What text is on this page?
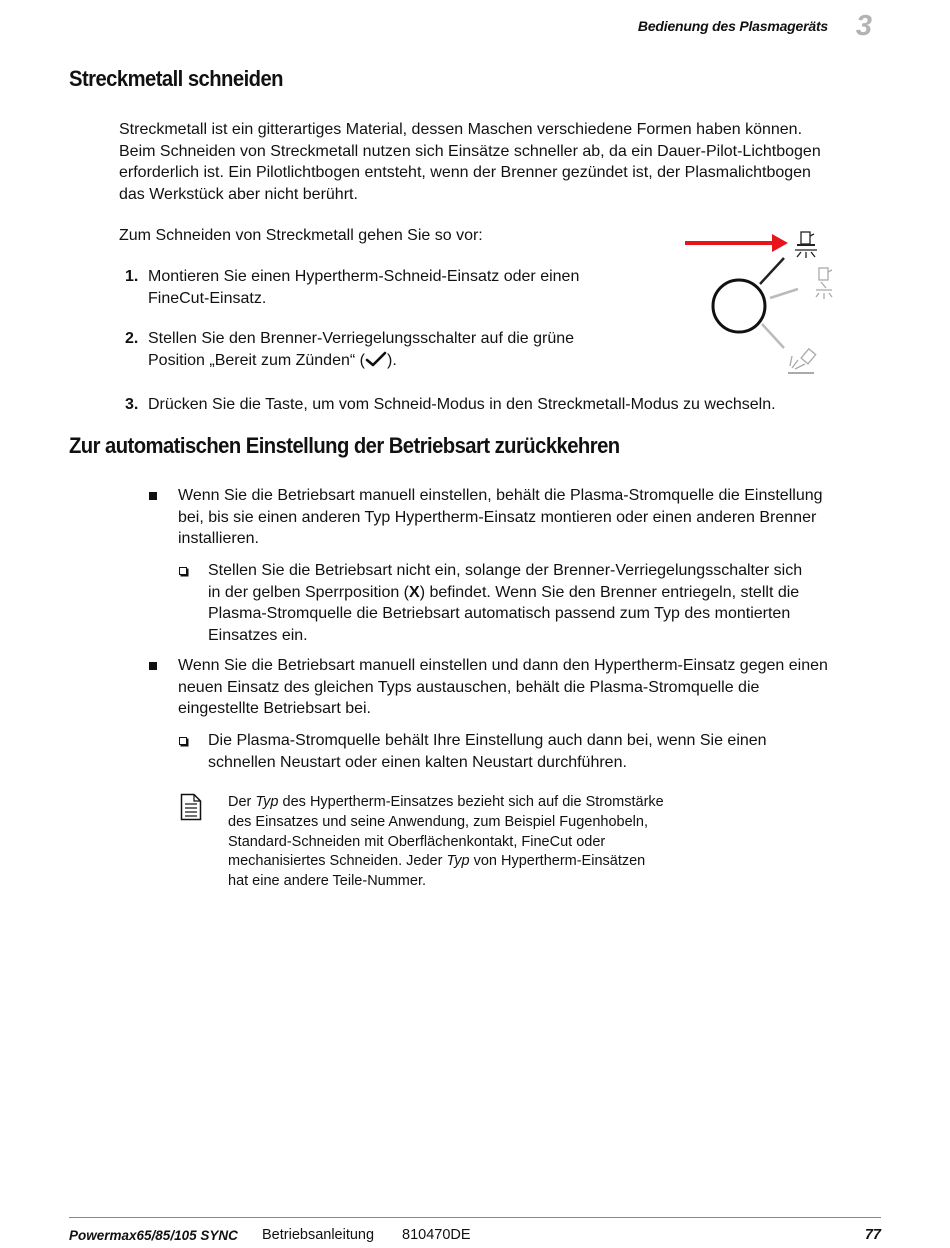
Bedienung des Plasmageräts 3
Streckmetall schneiden
Streckmetall ist ein gitterartiges Material, dessen Maschen verschiedene Formen haben können.
Beim Schneiden von Streckmetall nutzen sich Einsätze schneller ab, da ein Dauer-Pilot-Lichtbogen
erforderlich ist. Ein Pilotlichtbogen entsteht, wenn der Brenner gezündet ist, der Plasmalichtbogen
das Werkstück aber nicht berührt.
Zum Schneiden von Streckmetall gehen Sie so vor:
1. Montieren Sie einen Hypertherm-Schneid-Einsatz oder einen
FineCut-Einsatz.
2. Stellen Sie den Brenner-Verriegelungsschalter auf die grüne
Position „Bereit zum Zünden“ ( ).
3. Drücken Sie die Taste, um vom Schneid-Modus in den Streckmetall-Modus zu wechseln.
Zur automatischen Einstellung der Betriebsart zurückkehren
Wenn Sie die Betriebsart manuell einstellen, behält die Plasma-Stromquelle die Einstellung
bei, bis sie einen anderen Typ Hypertherm-Einsatz montieren oder einen anderen Brenner
installieren.
Stellen Sie die Betriebsart nicht ein, solange der Brenner-Verriegelungsschalter sich
in der gelben Sperrposition (X) befindet. Wenn Sie den Brenner entriegeln, stellt die
Plasma-Stromquelle die Betriebsart automatisch passend zum Typ des montierten
Einsatzes ein.
Wenn Sie die Betriebsart manuell einstellen und dann den Hypertherm-Einsatz gegen einen
neuen Einsatz des gleichen Typs austauschen, behält die Plasma-Stromquelle die
eingestellte Betriebsart bei.
Die Plasma-Stromquelle behält Ihre Einstellung auch dann bei, wenn Sie einen
schnellen Neustart oder einen kalten Neustart durchführen.
Der Typ des Hypertherm-Einsatzes bezieht sich auf die Stromstärke
des Einsatzes und seine Anwendung, zum Beispiel Fugenhobeln,
Standard-Schneiden mit Oberflächenkontakt, FineCut oder
mechanisiertes Schneiden. Jeder Typ von Hypertherm-Einsätzen
hat eine andere Teile-Nummer.
Powermax65/85/105 SYNC Betriebsanleitung 810470DE	77
